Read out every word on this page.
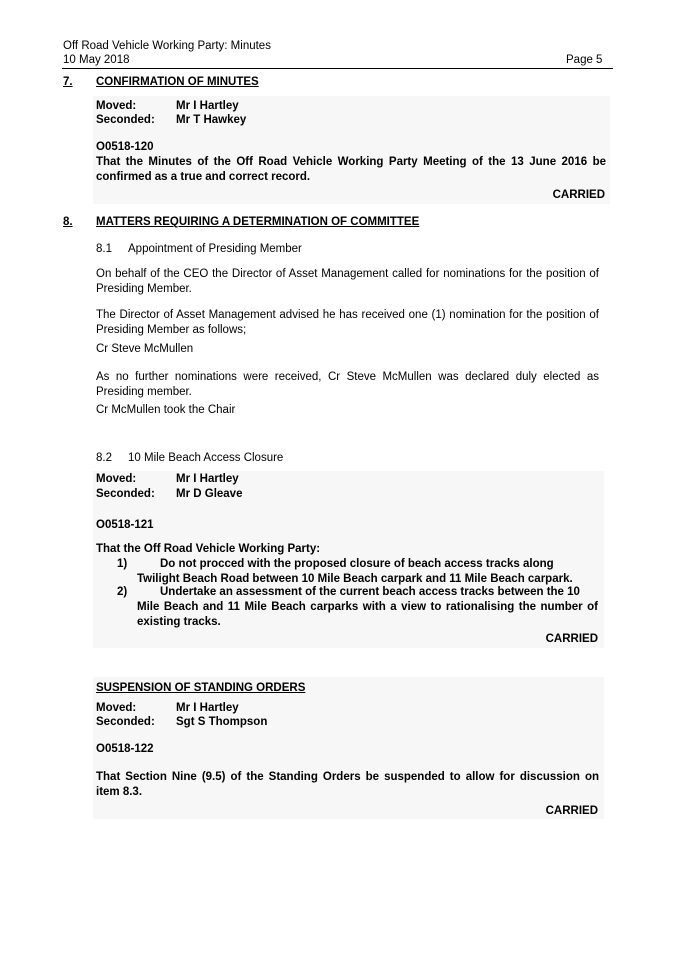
Off Road Vehicle Working Party: Minutes
10 May 2018	Page 5
7. CONFIRMATION OF MINUTES
Moved:	Mr I Hartley
Seconded: Mr T Hawkey
O0518-120
That the Minutes of the Off Road Vehicle Working Party Meeting of the 13 June 2016 be confirmed as a true and correct record.
CARRIED
8. MATTERS REQUIRING A DETERMINATION OF COMMITTEE
8.1 Appointment of Presiding Member
On behalf of the CEO the Director of Asset Management called for nominations for the position of Presiding Member.
The Director of Asset Management advised he has received one (1) nomination for the position of Presiding Member as follows;
Cr Steve McMullen
As no further nominations were received, Cr Steve McMullen was declared duly elected as Presiding member.
Cr McMullen took the Chair
8.2 10 Mile Beach Access Closure
Moved:	Mr I Hartley
Seconded: Mr D Gleave
O0518-121
That the Off Road Vehicle Working Party:
1)	Do not procced with the proposed closure of beach access tracks along
Twilight Beach Road between 10 Mile Beach carpark and 11 Mile Beach carpark.
2)	Undertake an assessment of the current beach access tracks between the 10
Mile Beach and 11 Mile Beach carparks with a view to rationalising the number of existing tracks.
CARRIED
SUSPENSION OF STANDING ORDERS
Moved:	Mr I Hartley
Seconded: Sgt S Thompson
O0518-122
That Section Nine (9.5) of the Standing Orders be suspended to allow for discussion on item 8.3.
CARRIED
